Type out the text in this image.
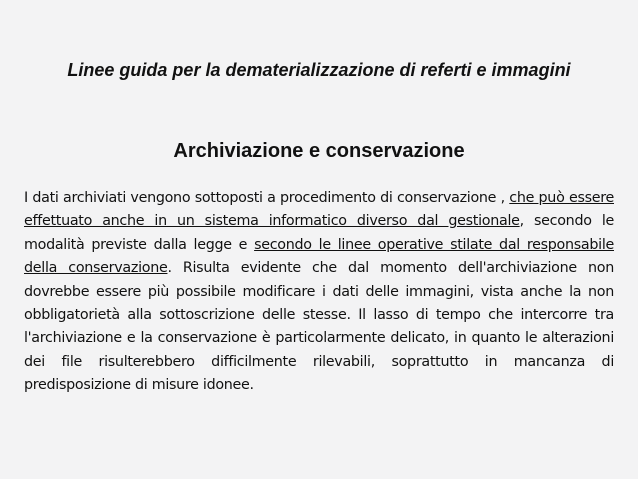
Linee guida per la dematerializzazione di referti e immagini
Archiviazione e conservazione

I dati archiviati vengono sottoposti a procedimento di conservazione , che può essere effettuato anche in un sistema informatico diverso dal gestionale, secondo le modalità previste dalla legge e secondo le linee operative stilate dal responsabile della conservazione. Risulta evidente che dal momento dell'archiviazione non dovrebbe essere più possibile modificare i dati delle immagini, vista anche la non obbligatorietà alla sottoscrizione delle stesse. Il lasso di tempo che intercorre tra l'archiviazione e la conservazione è particolarmente delicato, in quanto le alterazioni dei file risulterebbero difficilmente rilevabili, soprattutto in mancanza di predisposizione di misure idonee.
